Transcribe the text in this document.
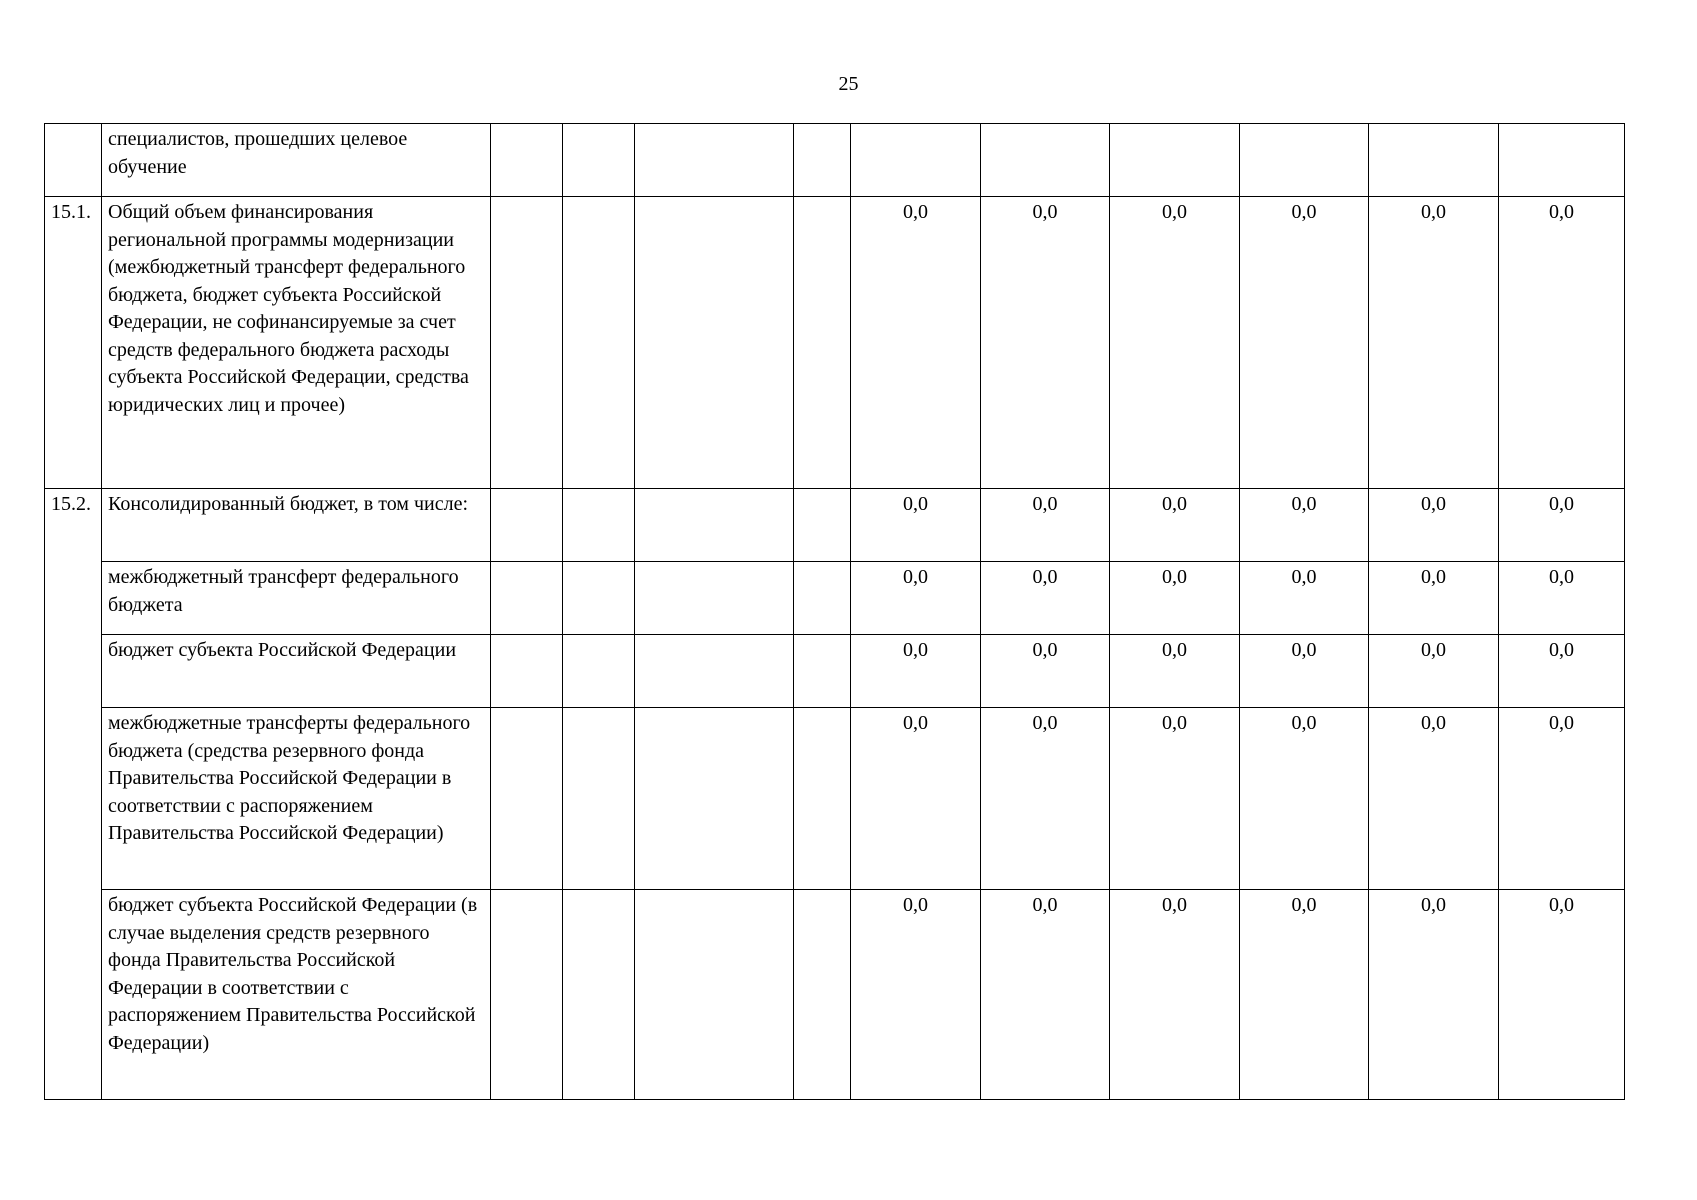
25
	специалистов, прошедших целевое обучение										
15.1.	Общий объем финансирования региональной программы модернизации (межбюджетный трансферт федерального бюджета, бюджет субъекта Российской Федерации, не софинансируемые за счет средств федерального бюджета расходы субъекта Российской Федерации, средства юридических лиц и прочее)					0,0	0,0	0,0	0,0	0,0	0,0
15.2.	Консолидированный бюджет, в том числе:					0,0	0,0	0,0	0,0	0,0	0,0
	межбюджетный трансферт федерального бюджета					0,0	0,0	0,0	0,0	0,0	0,0
	бюджет субъекта Российской Федерации					0,0	0,0	0,0	0,0	0,0	0,0
	межбюджетные трансферты федерального бюджета (средства резервного фонда Правительства Российской Федерации в соответствии с распоряжением Правительства Российской Федерации)					0,0	0,0	0,0	0,0	0,0	0,0
	бюджет субъекта Российской Федерации (в случае выделения средств резервного фонда Правительства Российской Федерации в соответствии с распоряжением Правительства Российской Федерации)					0,0	0,0	0,0	0,0	0,0	0,0
